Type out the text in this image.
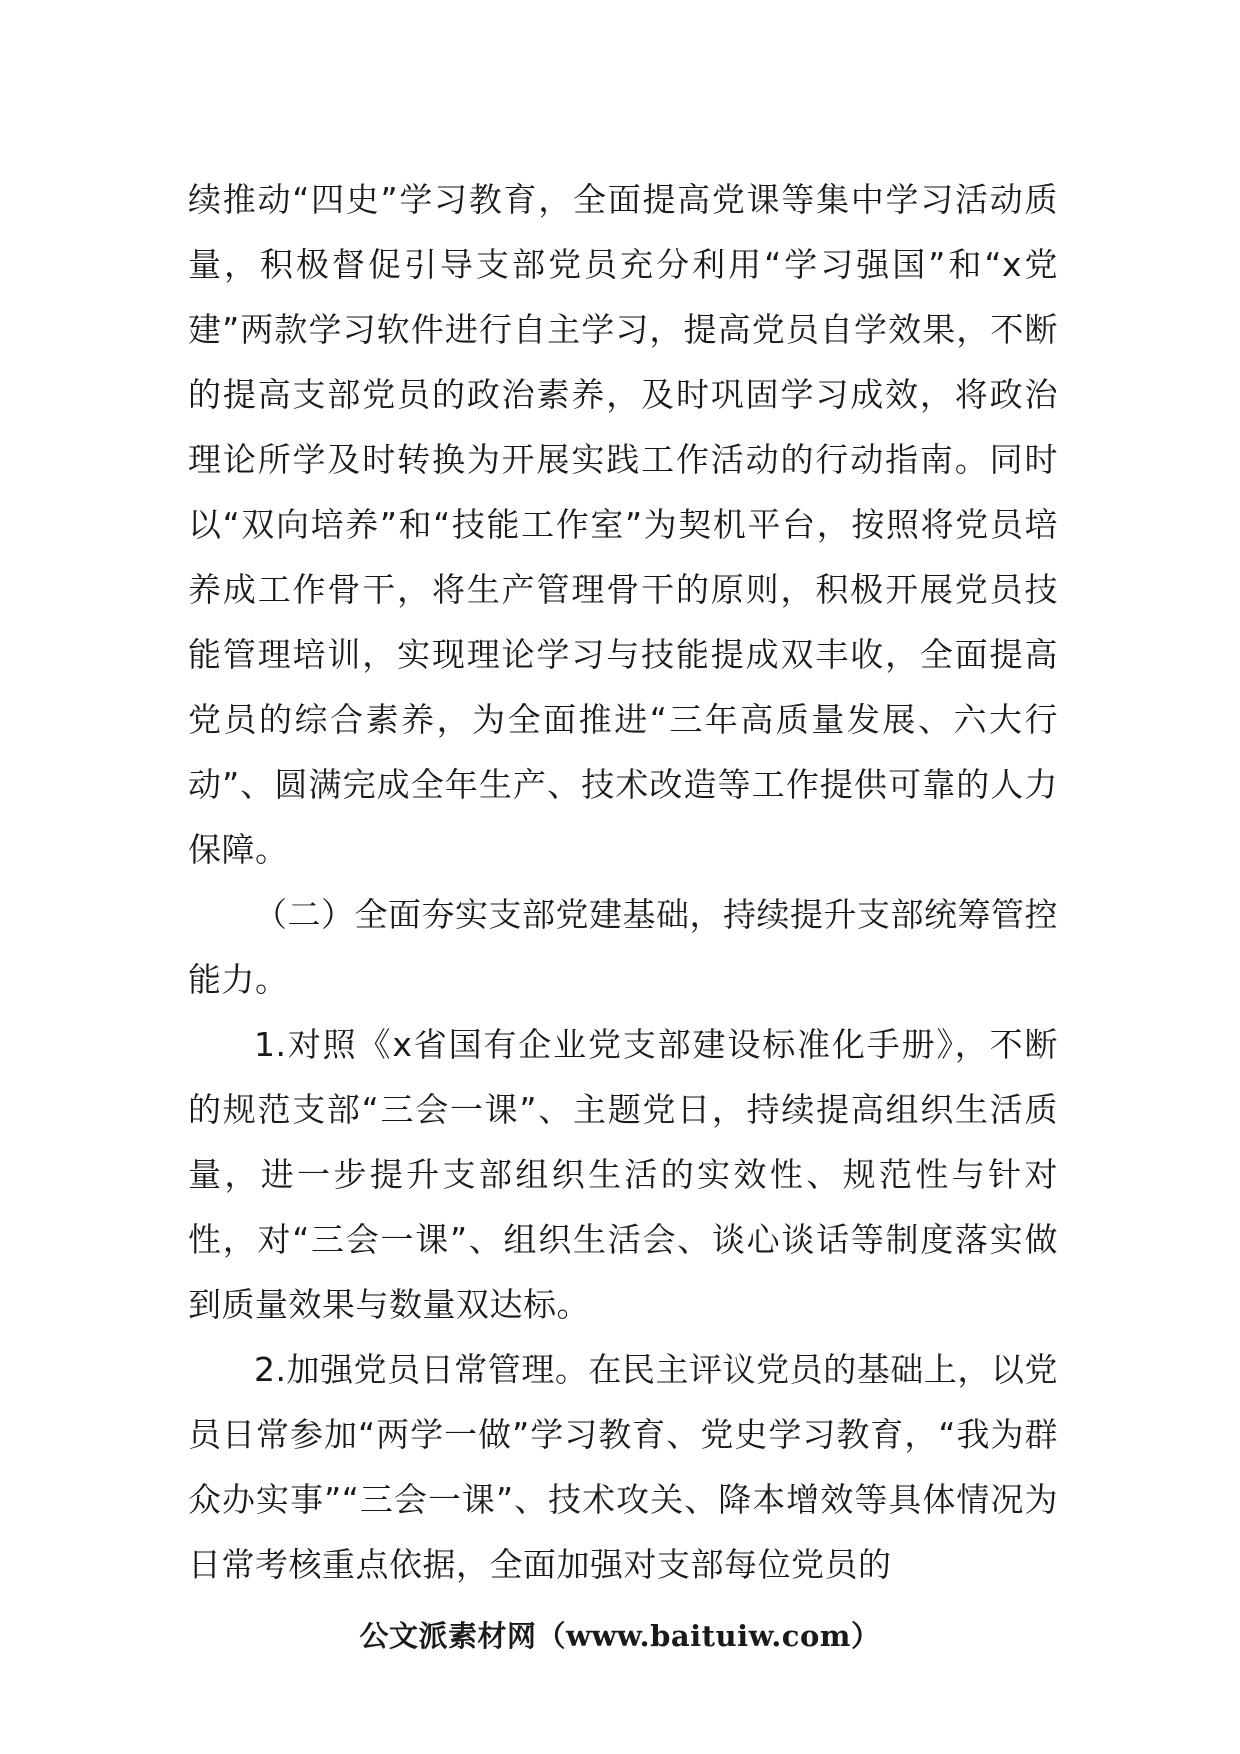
续推动“四史”学习教育，全面提高党课等集中学习活动质量，积极督促引导支部党员充分利用“学习强国”和“x党建”两款学习软件进行自主学习，提高党员自学效果，不断的提高支部党员的政治素养，及时巩固学习成效，将政治理论所学及时转换为开展实践工作活动的行动指南。同时以“双向培养”和“技能工作室”为契机平台，按照将党员培养成工作骨干，将生产管理骨干的原则，积极开展党员技能管理培训，实现理论学习与技能提成双丰收，全面提高党员的综合素养，为全面推进“三年高质量发展、六大行动”、圆满完成全年生产、技术改造等工作提供可靠的人力保障。

（二）全面夯实支部党建基础，持续提升支部统筹管控能力。

1.对照《x省国有企业党支部建设标准化手册》，不断的规范支部“三会一课”、主题党日，持续提高组织生活质量，进一步提升支部组织生活的实效性、规范性与针对性，对“三会一课”、组织生活会、谈心谈话等制度落实做到质量效果与数量双达标。

2.加强党员日常管理。在民主评议党员的基础上，以党员日常参加“两学一做”学习教育、党史学习教育，“我为群众办实事”“三会一课”、技术攻关、降本增效等具体情况为日常考核重点依据，全面加强对支部每位党员的

公文派素材网（www.baituiw.com）
